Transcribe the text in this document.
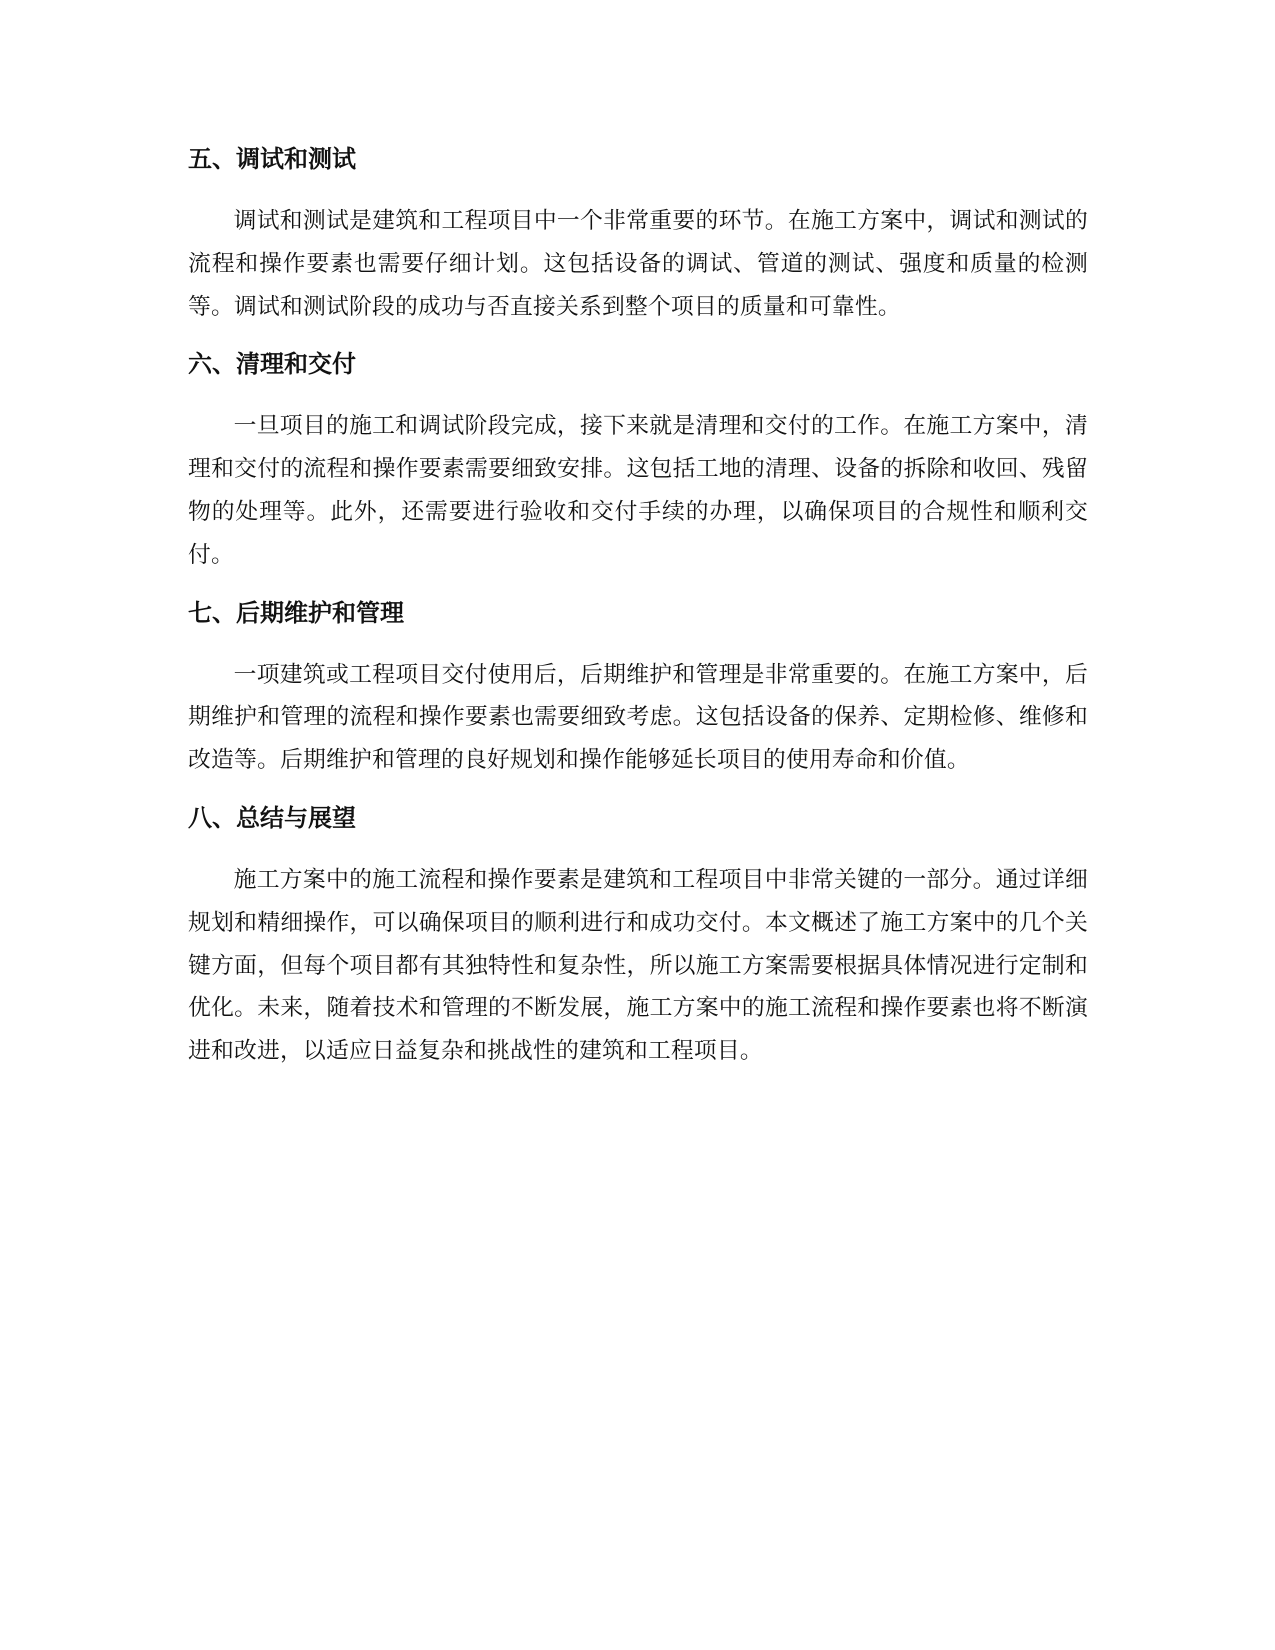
五、调试和测试

调试和测试是建筑和工程项目中一个非常重要的环节。在施工方案中，调试和测试的流程和操作要素也需要仔细计划。这包括设备的调试、管道的测试、强度和质量的检测等。调试和测试阶段的成功与否直接关系到整个项目的质量和可靠性。

六、清理和交付

一旦项目的施工和调试阶段完成，接下来就是清理和交付的工作。在施工方案中，清理和交付的流程和操作要素需要细致安排。这包括工地的清理、设备的拆除和收回、残留物的处理等。此外，还需要进行验收和交付手续的办理，以确保项目的合规性和顺利交付。

七、后期维护和管理

一项建筑或工程项目交付使用后，后期维护和管理是非常重要的。在施工方案中，后期维护和管理的流程和操作要素也需要细致考虑。这包括设备的保养、定期检修、维修和改造等。后期维护和管理的良好规划和操作能够延长项目的使用寿命和价值。

八、总结与展望

施工方案中的施工流程和操作要素是建筑和工程项目中非常关键的一部分。通过详细规划和精细操作，可以确保项目的顺利进行和成功交付。本文概述了施工方案中的几个关键方面，但每个项目都有其独特性和复杂性，所以施工方案需要根据具体情况进行定制和优化。未来，随着技术和管理的不断发展，施工方案中的施工流程和操作要素也将不断演进和改进，以适应日益复杂和挑战性的建筑和工程项目。
